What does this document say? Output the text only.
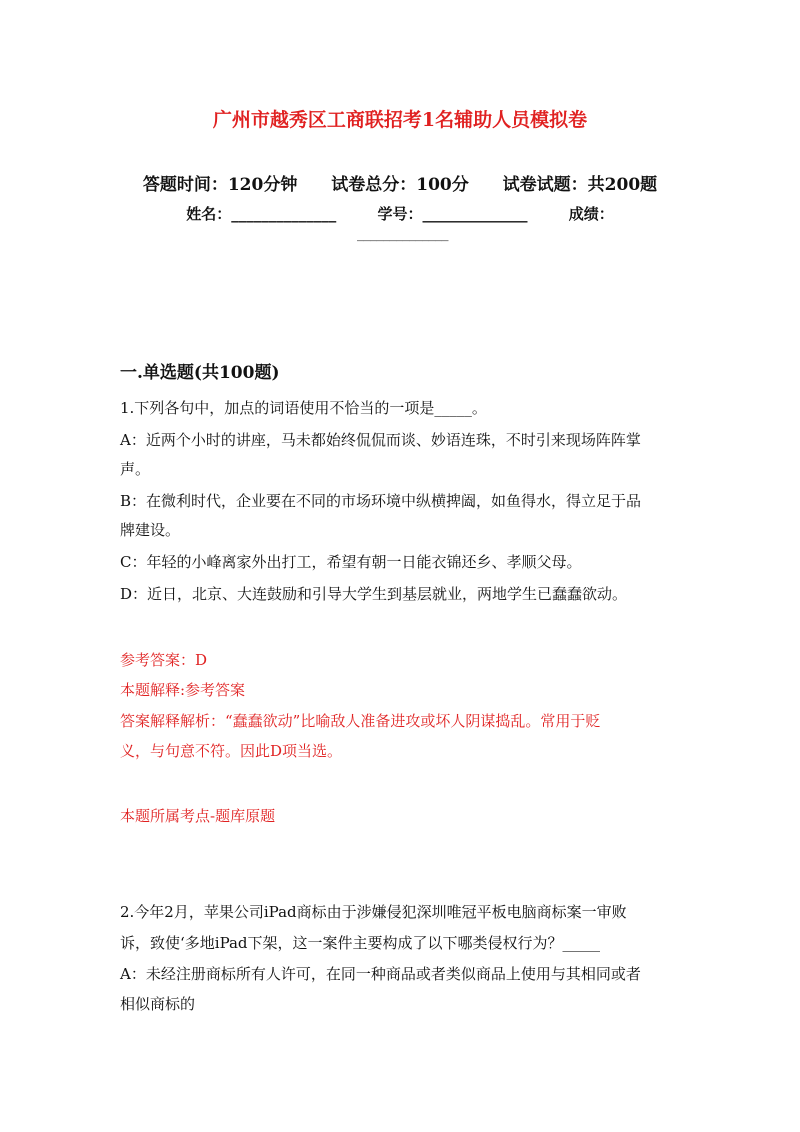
广州市越秀区工商联招考1名辅助人员模拟卷
答题时间：120分钟 试卷总分：100分 试卷试题：共200题
姓名：______________	学号：______________	成绩：
______________
一.单选题(共100题)
1.下列各句中，加点的词语使用不恰当的一项是_____。
A：近两个小时的讲座，马未都始终侃侃而谈、妙语连珠，不时引来现场阵阵掌
声。
B：在微利时代，企业要在不同的市场环境中纵横捭阖，如鱼得水，得立足于品
牌建设。
C：年轻的小峰离家外出打工，希望有朝一日能衣锦还乡、孝顺父母。
D：近日，北京、大连鼓励和引导大学生到基层就业，两地学生已蠢蠢欲动。
参考答案：D
本题解释:参考答案
答案解释解析：“蠢蠢欲动”比喻敌人准备进攻或坏人阴谋捣乱。常用于贬
义，与句意不符。因此D项当选。
本题所属考点-题库原题
2.今年2月，苹果公司iPad商标由于涉嫌侵犯深圳唯冠平板电脑商标案一审败
诉，致使‘多地iPad下架，这一案件主要构成了以下哪类侵权行为？_____
A：未经注册商标所有人许可，在同一种商品或者类似商品上使用与其相同或者
相似商标的
